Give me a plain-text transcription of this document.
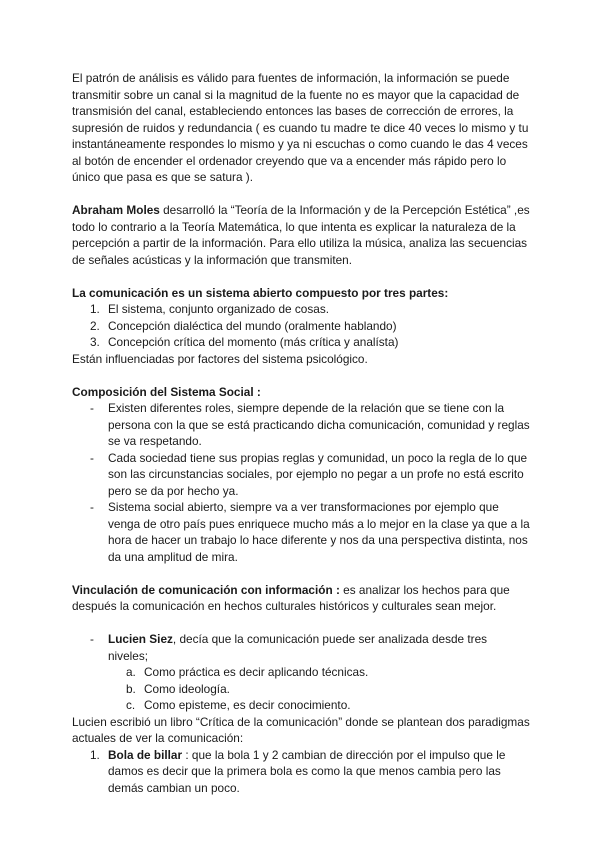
El patrón de análisis es válido para fuentes de información, la información se puede transmitir sobre un canal si la magnitud de la fuente no es mayor que la capacidad de transmisión del canal, estableciendo entonces las bases de corrección de errores, la supresión de ruidos y redundancia ( es cuando tu madre te dice 40 veces lo mismo y tu instantáneamente respondes lo mismo y ya ni escuchas o como cuando le das 4 veces al botón de encender el ordenador creyendo que va a encender más rápido pero lo único que pasa es que se satura ).

Abraham Moles desarrolló la “Teoría de la Información y de la Percepción Estética” ,es todo lo contrario a la Teoría Matemática, lo que intenta es explicar la naturaleza de la percepción a partir de la información. Para ello utiliza la música, analiza las secuencias de señales acústicas y la información que transmiten.

La comunicación es un sistema abierto compuesto por tres partes:

1. El sistema, conjunto organizado de cosas.

2. Concepción dialéctica del mundo (oralmente hablando)

3. Concepción crítica del momento (más crítica y analísta)

Están influenciadas por factores del sistema psicológico.

Composición del Sistema Social :

-	Existen diferentes roles, siempre depende de la relación que se tiene con la persona con la que se está practicando dicha comunicación, comunidad y reglas se va respetando.

-	Cada sociedad tiene sus propias reglas y comunidad, un poco la regla de lo que son las circunstancias sociales, por ejemplo no pegar a un profe no está escrito pero se da por hecho ya.

-	Sistema social abierto, siempre va a ver transformaciones por ejemplo que venga de otro país pues enriquece mucho más a lo mejor en la clase ya que a la hora de hacer un trabajo lo hace diferente y nos da una perspectiva distinta, nos da una amplitud de mira.

Vinculación de comunicación con información : es analizar los hechos para que después la comunicación en hechos culturales históricos y culturales sean mejor.

-	Lucien Siez, decía que la comunicación puede ser analizada desde tres niveles;

a. Como práctica es decir aplicando técnicas.

b. Como ideología.

c. Como episteme, es decir conocimiento.

Lucien escribió un libro “Crítica de la comunicación” donde se plantean dos paradigmas actuales de ver la comunicación:

1. Bola de billar : que la bola 1 y 2 cambian de dirección por el impulso que le damos es decir que la primera bola es como la que menos cambia pero las demás cambian un poco.
